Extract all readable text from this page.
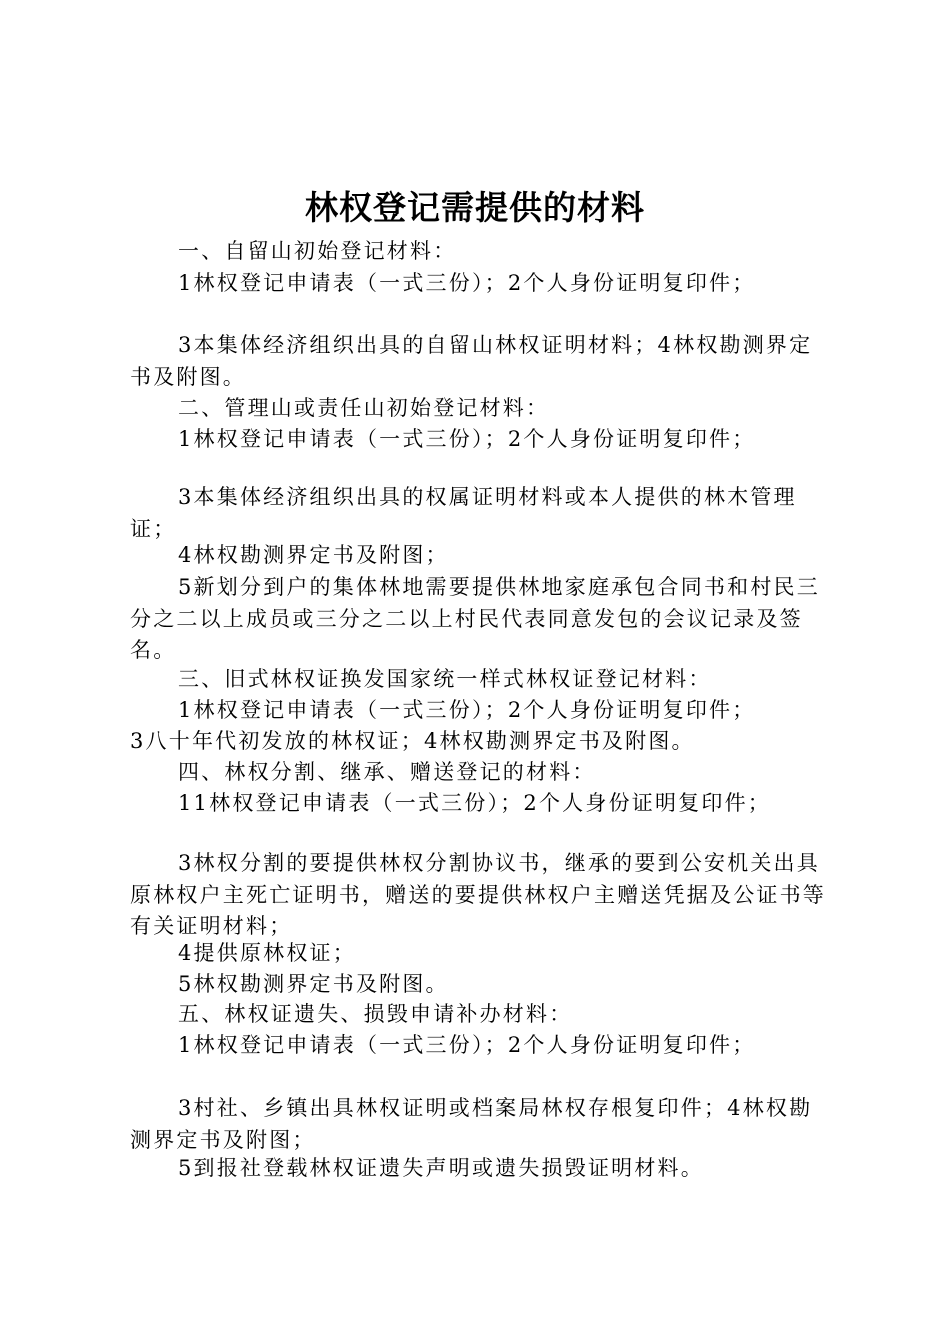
林权登记需提供的材料
一、自留山初始登记材料：
1林权登记申请表（一式三份）；2个人身份证明复印件；
3本集体经济组织出具的自留山林权证明材料；4林权勘测界定书及附图。
二、管理山或责任山初始登记材料：
1林权登记申请表（一式三份）；2个人身份证明复印件；
3本集体经济组织出具的权属证明材料或本人提供的林木管理证；
4林权勘测界定书及附图；
5新划分到户的集体林地需要提供林地家庭承包合同书和村民三分之二以上成员或三分之二以上村民代表同意发包的会议记录及签名。
三、旧式林权证换发国家统一样式林权证登记材料：
1林权登记申请表（一式三份）；2个人身份证明复印件；
3八十年代初发放的林权证；4林权勘测界定书及附图。
四、林权分割、继承、赠送登记的材料：
11林权登记申请表（一式三份）；2个人身份证明复印件；
3林权分割的要提供林权分割协议书，继承的要到公安机关出具原林权户主死亡证明书，赠送的要提供林权户主赠送凭据及公证书等有关证明材料；
4提供原林权证；
5林权勘测界定书及附图。
五、林权证遗失、损毁申请补办材料：
1林权登记申请表（一式三份）；2个人身份证明复印件；
3村社、乡镇出具林权证明或档案局林权存根复印件；4林权勘测界定书及附图；
5到报社登载林权证遗失声明或遗失损毁证明材料。
